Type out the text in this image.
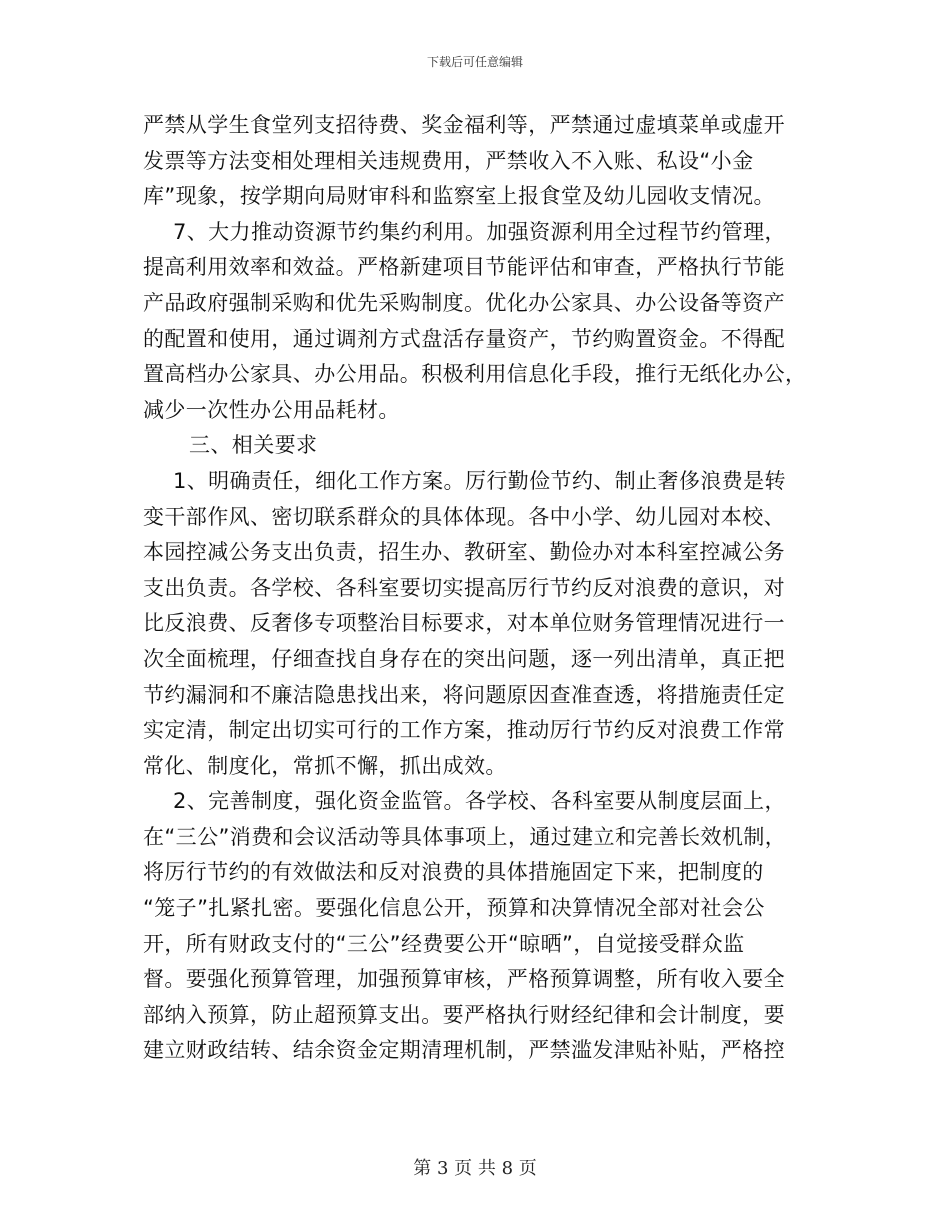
下载后可任意编辑
严禁从学生食堂列支招待费、奖金福利等，严禁通过虚填菜单或虚开
发票等方法变相处理相关违规费用，严禁收入不入账、私设“小金
库”现象，按学期向局财审科和监察室上报食堂及幼儿园收支情况。
7、大力推动资源节约集约利用。加强资源利用全过程节约管理，
提高利用效率和效益。严格新建项目节能评估和审查，严格执行节能
产品政府强制采购和优先采购制度。优化办公家具、办公设备等资产
的配置和使用，通过调剂方式盘活存量资产，节约购置资金。不得配
置高档办公家具、办公用品。积极利用信息化手段，推行无纸化办公，
减少一次性办公用品耗材。
三、相关要求
1、明确责任，细化工作方案。厉行勤俭节约、制止奢侈浪费是转
变干部作风、密切联系群众的具体体现。各中小学、幼儿园对本校、
本园控减公务支出负责，招生办、教研室、勤俭办对本科室控减公务
支出负责。各学校、各科室要切实提高厉行节约反对浪费的意识，对
比反浪费、反奢侈专项整治目标要求，对本单位财务管理情况进行一
次全面梳理，仔细查找自身存在的突出问题，逐一列出清单，真正把
节约漏洞和不廉洁隐患找出来，将问题原因查准查透，将措施责任定
实定清，制定出切实可行的工作方案，推动厉行节约反对浪费工作常
常化、制度化，常抓不懈，抓出成效。
2、完善制度，强化资金监管。各学校、各科室要从制度层面上，
在“三公”消费和会议活动等具体事项上，通过建立和完善长效机制，
将厉行节约的有效做法和反对浪费的具体措施固定下来，把制度的
“笼子”扎紧扎密。要强化信息公开，预算和决算情况全部对社会公
开，所有财政支付的“三公”经费要公开“晾晒”，自觉接受群众监
督。要强化预算管理，加强预算审核，严格预算调整，所有收入要全
部纳入预算，防止超预算支出。要严格执行财经纪律和会计制度，要
建立财政结转、结余资金定期清理机制，严禁滥发津贴补贴，严格控
第 3 页 共 8 页
